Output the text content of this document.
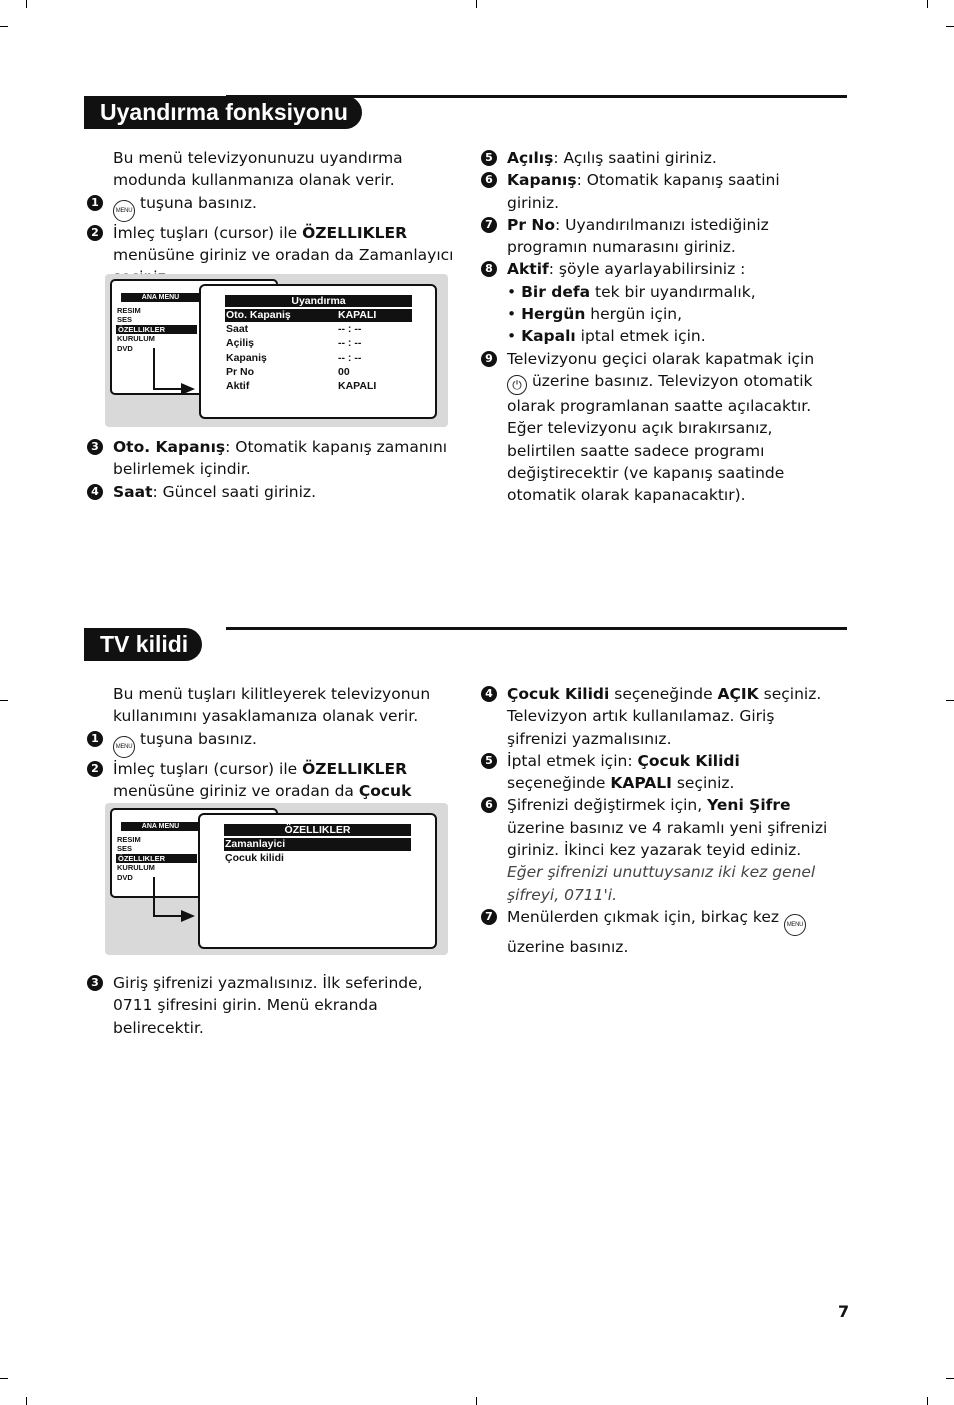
Uyandırma fonksiyonu

Bu menü televizyonunuzu uyandırma modunda kullanmanıza olanak verir.

1
MENU tuşuna basınız.
2 İmleç tuşları (cursor) ile ÖZELLIKLER menüsüne giriniz ve oradan da Zamanlayıcı
ANA MENU
RESIM
SES
ÖZELLIKLER
KURULUM
DVD
Uyandırma
Oto. Kapaniş	KAPALI
Saat	-- : --
Açiliş	-- : --
Kapaniş	-- : --
Pr No	00
Aktif	KAPALI
3 Oto. Kapanış: Otomatik kapanış zamanını belirlemek içindir.
4 Saat: Güncel saati giriniz.
5 Açılış: Açılış saatini giriniz.
6 Kapanış: Otomatik kapanış saatini giriniz.
7 Pr No: Uyandırılmanızı istediğiniz programın numarasını giriniz.
8 Aktif: şöyle ayarlayabilirsiniz :

• Bir defa tek bir uyandırmalık,

• Hergün hergün için,

• Kapalı iptal etmek için.

9 Televizyonu geçici olarak kapatmak için ⏻ üzerine basınız. Televizyon otomatik olarak programlanan saatte açılacaktır.

Eğer televizyonu açık bırakırsanız, belirtilen saatte sadece programı değiştirecektir (ve kapanış saatinde otomatik olarak kapanacaktır).

TV kilidi

Bu menü tuşları kilitleyerek televizyonun kullanımını yasaklamanıza olanak verir.

1
MENU tuşuna basınız.
2 İmleç tuşları (cursor) ile ÖZELLIKLER menüsüne giriniz ve oradan da Çocuk
ANA MENU
RESIM
SES
ÖZELLIKLER
KURULUM
DVD
ÖZELLIKLER
Zamanlayici
Çocuk kilidi
3 Giriş şifrenizi yazmalısınız. İlk seferinde, 0711 şifresini girin. Menü ekranda belirecektir.
4 Çocuk Kilidi seçeneğinde AÇIK seçiniz. Televizyon artık kullanılamaz. Giriş şifrenizi yazmalısınız.
5 İptal etmek için: Çocuk Kilidi seçeneğinde KAPALI seçiniz.
6 Şifrenizi değiştirmek için, Yeni Şifre üzerine basınız ve 4 rakamlı yeni şifrenizi giriniz. İkinci kez yazarak teyid ediniz.
Eğer şifrenizi unuttuysanız iki kez genel şifreyi, 0711'i.
7 Menülerden çıkmak için, birkaç kez MENU üzerine basınız.
7
